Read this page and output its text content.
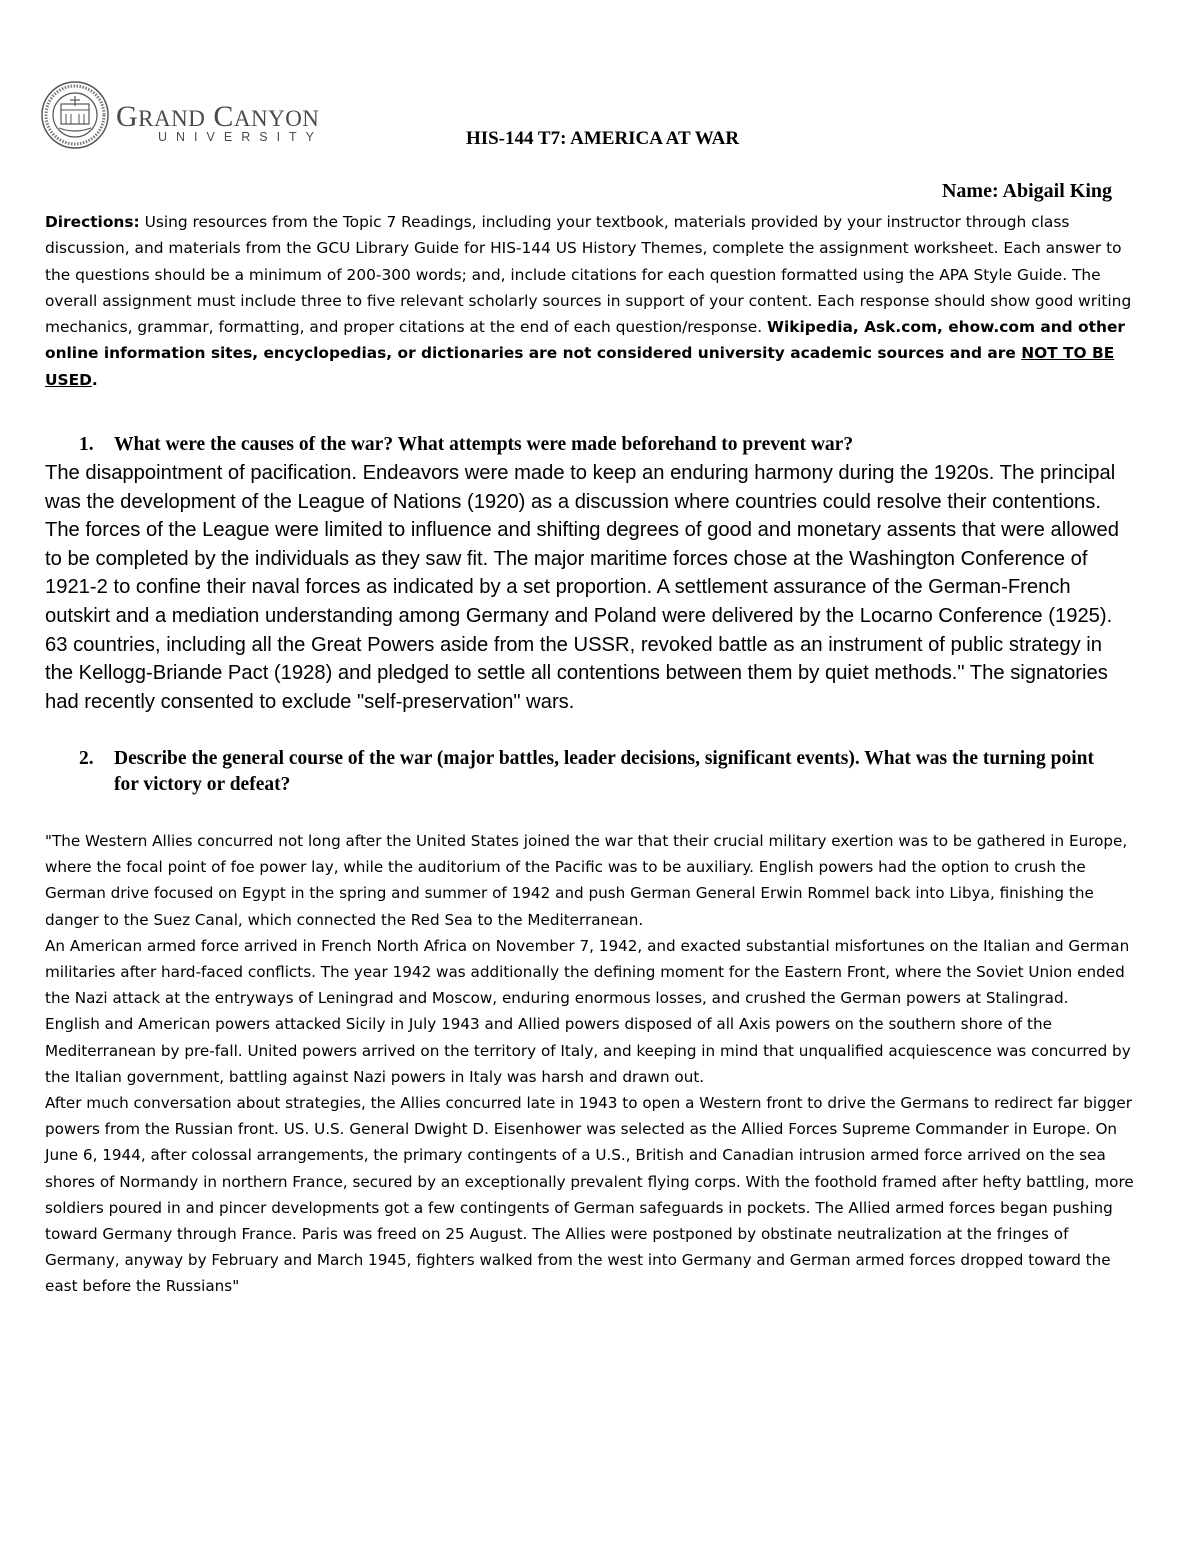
GRAND CANYON
UNIVERSITY	HIS-144 T7: AMERICA AT WAR
Name: Abigail King
Directions: Using resources from the Topic 7 Readings, including your textbook, materials provided by your instructor through class discussion, and materials from the GCU Library Guide for HIS-144 US History Themes, complete the assignment worksheet. Each answer to the questions should be a minimum of 200-300 words; and, include citations for each question formatted using the APA Style Guide. The overall assignment must include three to five relevant scholarly sources in support of your content. Each response should show good writing mechanics, grammar, formatting, and proper citations at the end of each question/response. Wikipedia, Ask.com, ehow.com and other online information sites, encyclopedias, or dictionaries are not considered university academic sources and are NOT TO BE USED.
1.	What were the causes of the war? What attempts were made beforehand to prevent war?
The disappointment of pacification. Endeavors were made to keep an enduring harmony during the 1920s. The principal was the development of the League of Nations (1920) as a discussion where countries could resolve their contentions. The forces of the League were limited to influence and shifting degrees of good and monetary assents that were allowed to be completed by the individuals as they saw fit. The major maritime forces chose at the Washington Conference of 1921-2 to confine their naval forces as indicated by a set proportion. A settlement assurance of the German-French outskirt and a mediation understanding among Germany and Poland were delivered by the Locarno Conference (1925). 63 countries, including all the Great Powers aside from the USSR, revoked battle as an instrument of public strategy in the Kellogg-Briande Pact (1928) and pledged to settle all contentions between them by quiet methods." The signatories had recently consented to exclude "self-preservation" wars.
2.	Describe the general course of the war (major battles, leader decisions, significant events). What was the turning point for victory or defeat?

"The Western Allies concurred not long after the United States joined the war that their crucial military exertion was to be gathered in Europe, where the focal point of foe power lay, while the auditorium of the Pacific was to be auxiliary. English powers had the option to crush the German drive focused on Egypt in the spring and summer of 1942 and push German General Erwin Rommel back into Libya, finishing the danger to the Suez Canal, which connected the Red Sea to the Mediterranean.

An American armed force arrived in French North Africa on November 7, 1942, and exacted substantial misfortunes on the Italian and German militaries after hard-faced conflicts. The year 1942 was additionally the defining moment for the Eastern Front, where the Soviet Union ended the Nazi attack at the entryways of Leningrad and Moscow, enduring enormous losses, and crushed the German powers at Stalingrad.

English and American powers attacked Sicily in July 1943 and Allied powers disposed of all Axis powers on the southern shore of the Mediterranean by pre-fall. United powers arrived on the territory of Italy, and keeping in mind that unqualified acquiescence was concurred by the Italian government, battling against Nazi powers in Italy was harsh and drawn out.

After much conversation about strategies, the Allies concurred late in 1943 to open a Western front to drive the Germans to redirect far bigger powers from the Russian front. US. U.S. General Dwight D. Eisenhower was selected as the Allied Forces Supreme Commander in Europe. On June 6, 1944, after colossal arrangements, the primary contingents of a U.S., British and Canadian intrusion armed force arrived on the sea shores of Normandy in northern France, secured by an exceptionally prevalent flying corps. With the foothold framed after hefty battling, more soldiers poured in and pincer developments got a few contingents of German safeguards in pockets. The Allied armed forces began pushing toward Germany through France. Paris was freed on 25 August. The Allies were postponed by obstinate neutralization at the fringes of Germany, anyway by February and March 1945, fighters walked from the west into Germany and German armed forces dropped toward the east before the Russians"
